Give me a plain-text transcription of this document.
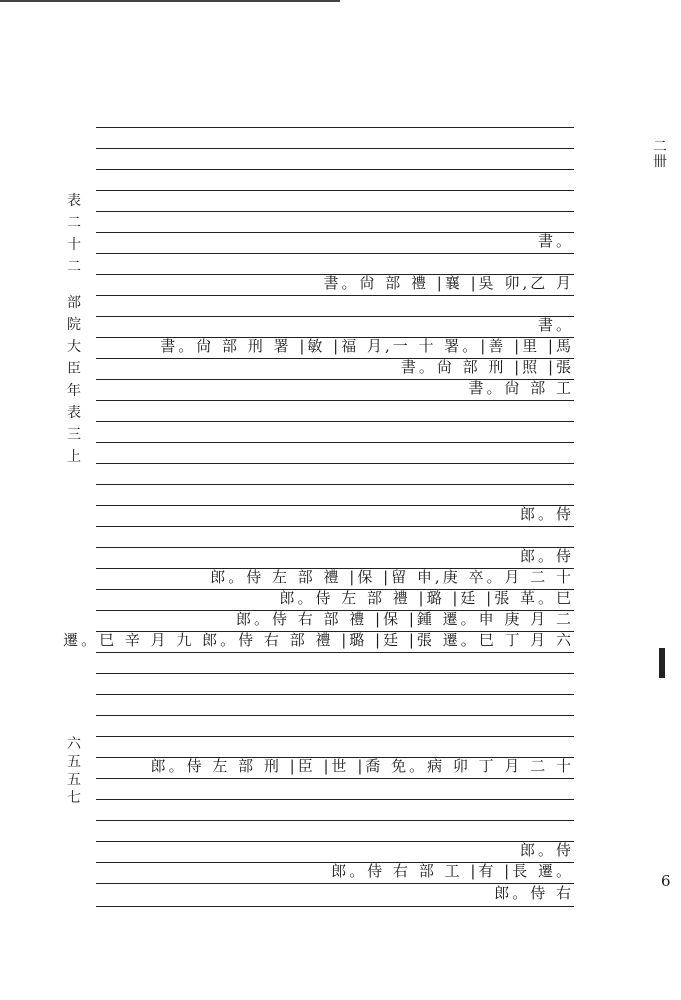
表
二
十
二
部
院
大
臣
年
表
三
上
六
五
五
七
二
卌
6
書。
書。尙 部 禮 |襄 |吳 卯,乙 月
書。
書。尙 部 刑 署 |敏 |福 月,一 十 署。|善 |里 |馬
書。尙 部 刑 |照 |張
書。尙 部 工
郎。侍
郎。侍
郎。侍 左 部 禮 |保 |留 申,庚 卒。月 二 十
郎。侍 左 部 禮 |璐 |廷 |張 革。巳
郎。侍 右 部 禮 |保 |鍾 遷。申 庚 月 二
遷。巳 辛 月 九 郎。侍 右 部 禮 |璐 |廷 |張 遷。巳 丁 月 六
郎。侍 左 部 刑 |臣 |世 |喬 免。病 卯 丁 月 二 十
郎。侍
郎。侍 右 部 工 |有 |長 遷。
郎。侍 右
